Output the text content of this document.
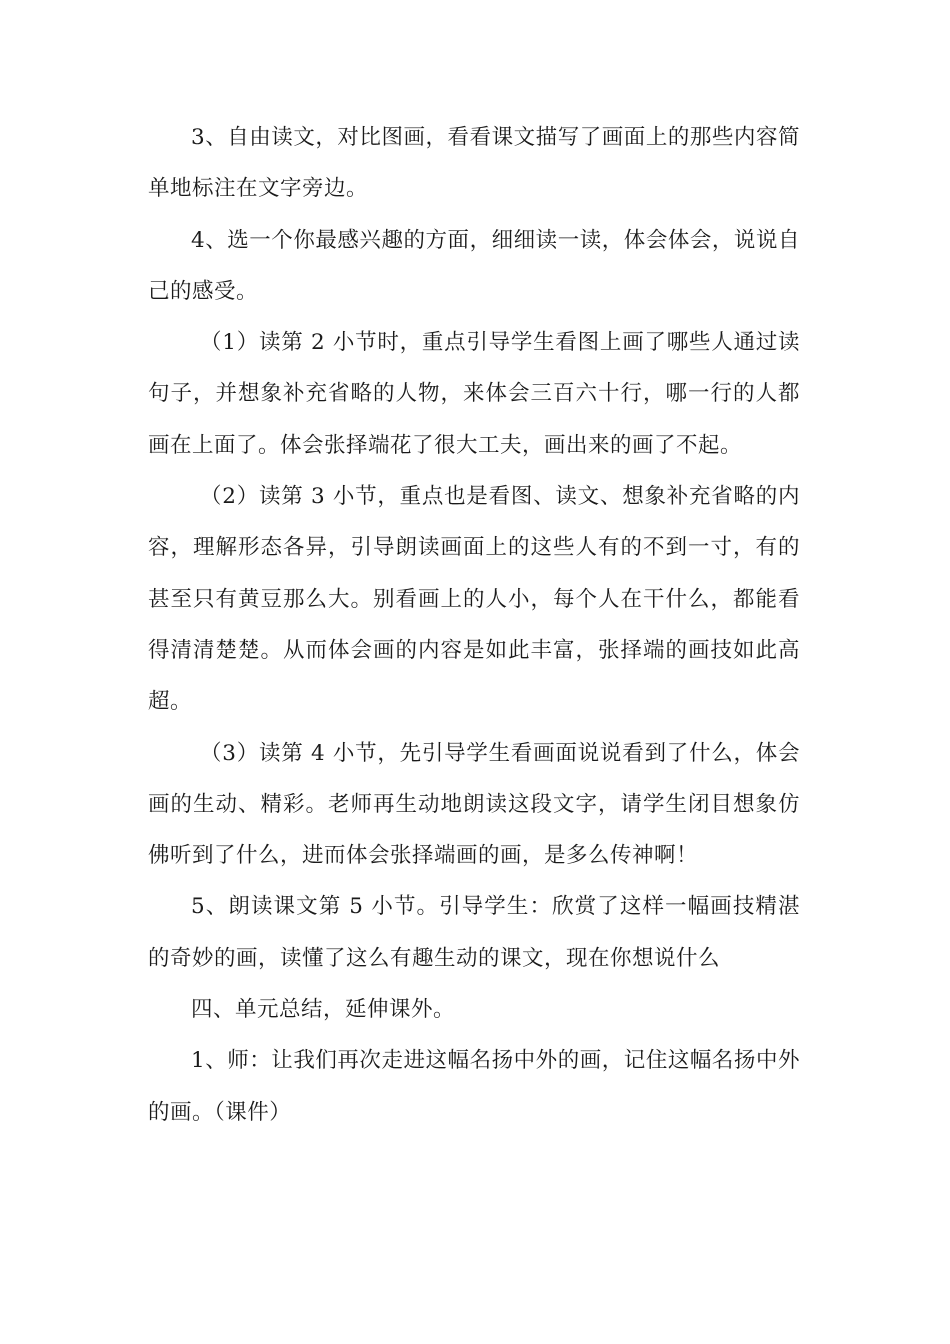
3、自由读文，对比图画，看看课文描写了画面上的那些内容简单地标注在文字旁边。

4、选一个你最感兴趣的方面，细细读一读，体会体会，说说自己的感受。

（1）读第 2 小节时，重点引导学生看图上画了哪些人通过读句子，并想象补充省略的人物，来体会三百六十行，哪一行的人都画在上面了。体会张择端花了很大工夫，画出来的画了不起。

（2）读第 3 小节，重点也是看图、读文、想象补充省略的内容，理解形态各异，引导朗读画面上的这些人有的不到一寸，有的甚至只有黄豆那么大。别看画上的人小，每个人在干什么，都能看得清清楚楚。从而体会画的内容是如此丰富，张择端的画技如此高超。

（3）读第 4 小节，先引导学生看画面说说看到了什么，体会画的生动、精彩。老师再生动地朗读这段文字，请学生闭目想象仿佛听到了什么，进而体会张择端画的画，是多么传神啊！

5、朗读课文第 5 小节。引导学生：欣赏了这样一幅画技精湛的奇妙的画，读懂了这么有趣生动的课文，现在你想说什么

四、单元总结，延伸课外。

1、师：让我们再次走进这幅名扬中外的画，记住这幅名扬中外的画。（课件）
